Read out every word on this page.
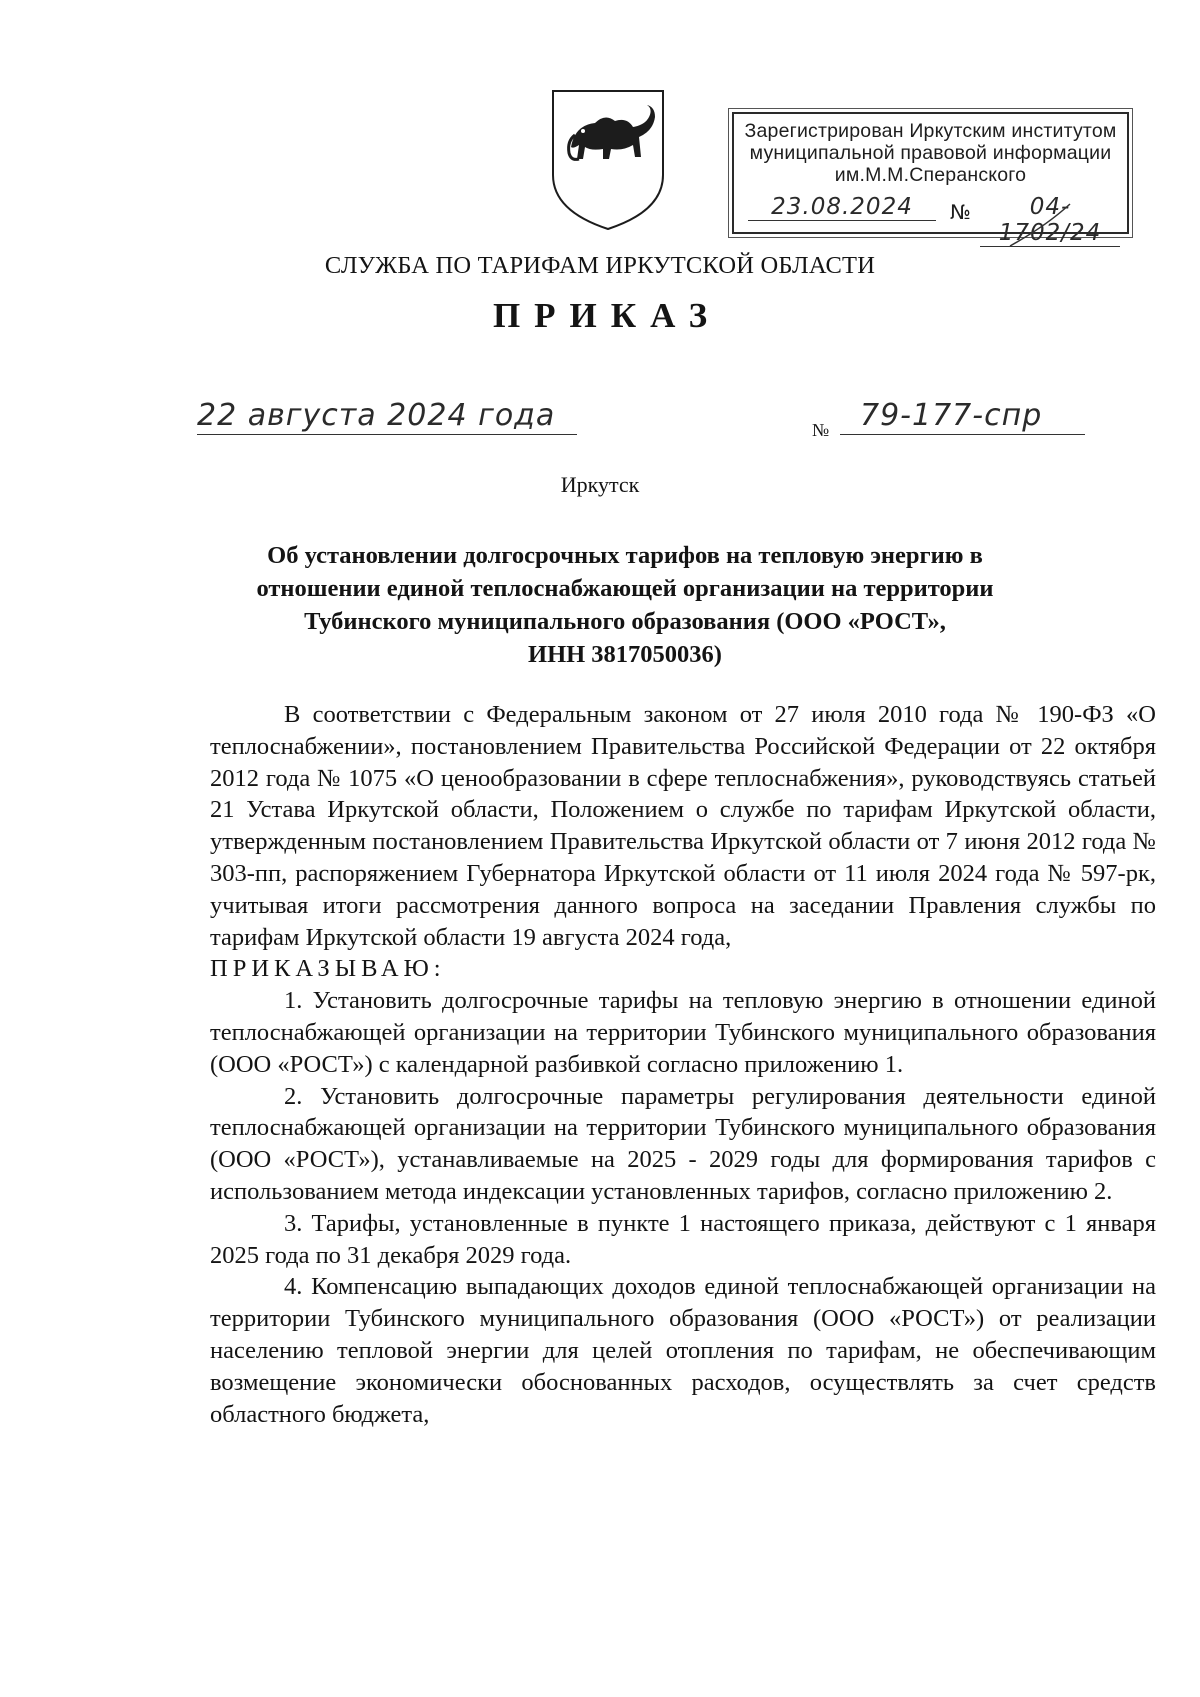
Зарегистрирован Иркутским институтом
муниципальной правовой информации
им.М.М.Сперанского
23.08.2024	№	04-1702/24
СЛУЖБА ПО ТАРИФАМ ИРКУТСКОЙ ОБЛАСТИ
ПРИКАЗ
22 августа 2024 года	№	79-177-спр
Иркутск
Об установлении долгосрочных тарифов на тепловую энергию в
отношении единой теплоснабжающей организации на территории
Тубинского муниципального образования (ООО «РОСТ»,
ИНН 3817050036)

В соответствии с Федеральным законом от 27 июля 2010 года № 190-ФЗ «О теплоснабжении», постановлением Правительства Российской Федерации от 22 октября 2012 года № 1075 «О ценообразовании в сфере теплоснабжения», руководствуясь статьей 21 Устава Иркутской области, Положением о службе по тарифам Иркутской области, утвержденным постановлением Правительства Иркутской области от 7 июня 2012 года № 303-пп, распоряжением Губернатора Иркутской области от 11 июля 2024 года № 597-рк, учитывая итоги рассмотрения данного вопроса на заседании Правления службы по тарифам Иркутской области 19 августа 2024 года,

ПРИКАЗЫВАЮ:

1. Установить долгосрочные тарифы на тепловую энергию в отношении единой теплоснабжающей организации на территории Тубинского муниципального образования (ООО «РОСТ») с календарной разбивкой согласно приложению 1.

2. Установить долгосрочные параметры регулирования деятельности единой теплоснабжающей организации на территории Тубинского муниципального образования (ООО «РОСТ»), устанавливаемые на 2025 - 2029 годы для формирования тарифов с использованием метода индексации установленных тарифов, согласно приложению 2.

3. Тарифы, установленные в пункте 1 настоящего приказа, действуют с 1 января 2025 года по 31 декабря 2029 года.

4. Компенсацию выпадающих доходов единой теплоснабжающей организации на территории Тубинского муниципального образования (ООО «РОСТ») от реализации населению тепловой энергии для целей отопления по тарифам, не обеспечивающим возмещение экономически обоснованных расходов, осуществлять за счет средств областного бюджета,
